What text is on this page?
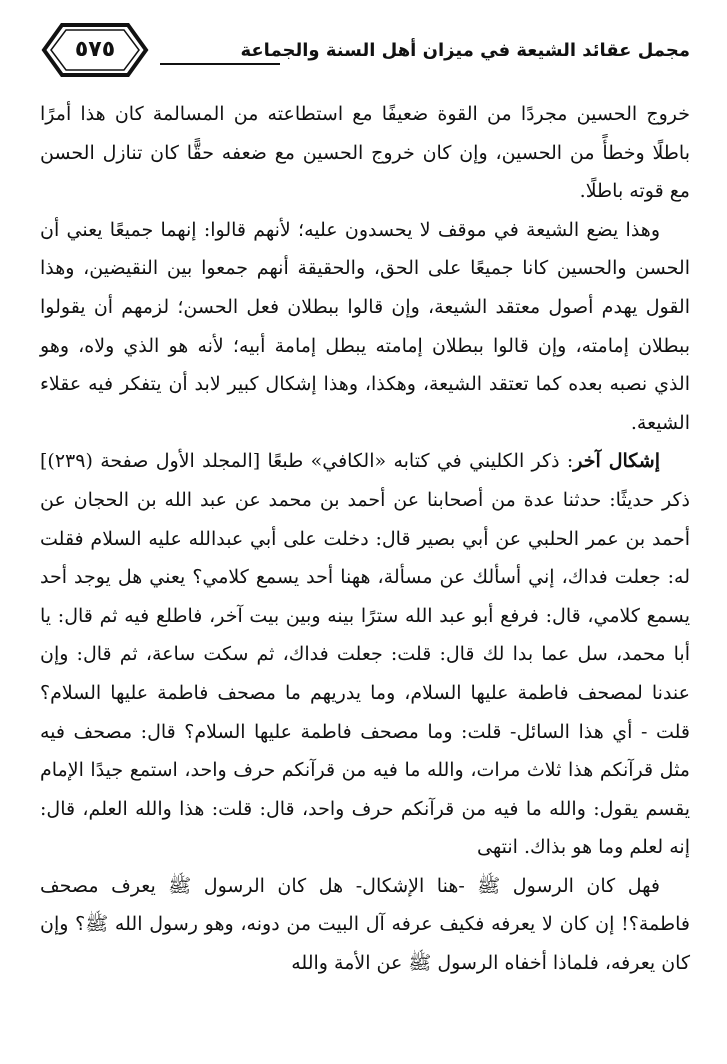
٥٧٥	مجمل عقائد الشيعة في ميزان أهل السنة والجماعة

خروج الحسين مجردًا من القوة ضعيفًا مع استطاعته من المسالمة كان هذا أمرًا باطلًا وخطأً من الحسين، وإن كان خروج الحسين مع ضعفه حقًّا كان تنازل الحسن مع قوته باطلًا.

وهذا يضع الشيعة في موقف لا يحسدون عليه؛ لأنهم قالوا: إنهما جميعًا يعني أن الحسن والحسين كانا جميعًا على الحق، والحقيقة أنهم جمعوا بين النقيضين، وهذا القول يهدم أصول معتقد الشيعة، وإن قالوا ببطلان فعل الحسن؛ لزمهم أن يقولوا ببطلان إمامته، وإن قالوا ببطلان إمامته يبطل إمامة أبيه؛ لأنه هو الذي ولاه، وهو الذي نصبه بعده كما تعتقد الشيعة، وهكذا، وهذا إشكال كبير لابد أن يتفكر فيه عقلاء الشيعة.

إشكال آخر: ذكر الكليني في كتابه «الكافي» طبعًا [المجلد الأول صفحة (٢٣٩)] ذكر حديثًا: حدثنا عدة من أصحابنا عن أحمد بن محمد عن عبد الله بن الحجان عن أحمد بن عمر الحلبي عن أبي بصير قال: دخلت على أبي عبدالله عليه السلام فقلت له: جعلت فداك، إني أسألك عن مسألة، ههنا أحد يسمع كلامي؟ يعني هل يوجد أحد يسمع كلامي، قال: فرفع أبو عبد الله سترًا بينه وبين بيت آخر، فاطلع فيه ثم قال: يا أبا محمد، سل عما بدا لك قال: قلت: جعلت فداك، ثم سكت ساعة، ثم قال: وإن عندنا لمصحف فاطمة عليها السلام، وما يدريهم ما مصحف فاطمة عليها السلام؟ قلت - أي هذا السائل- قلت: وما مصحف فاطمة عليها السلام؟ قال: مصحف فيه مثل قرآنكم هذا ثلاث مرات، والله ما فيه من قرآنكم حرف واحد، استمع جيدًا الإمام يقسم يقول: والله ما فيه من قرآنكم حرف واحد، قال: قلت: هذا والله العلم، قال: إنه لعلم وما هو بذاك. انتهى

فهل كان الرسول ﷺ -هنا الإشكال- هل كان الرسول ﷺ يعرف مصحف فاطمة؟! إن كان لا يعرفه فكيف عرفه آل البيت من دونه، وهو رسول الله ﷺ؟ وإن كان يعرفه، فلماذا أخفاه الرسول ﷺ عن الأمة والله
